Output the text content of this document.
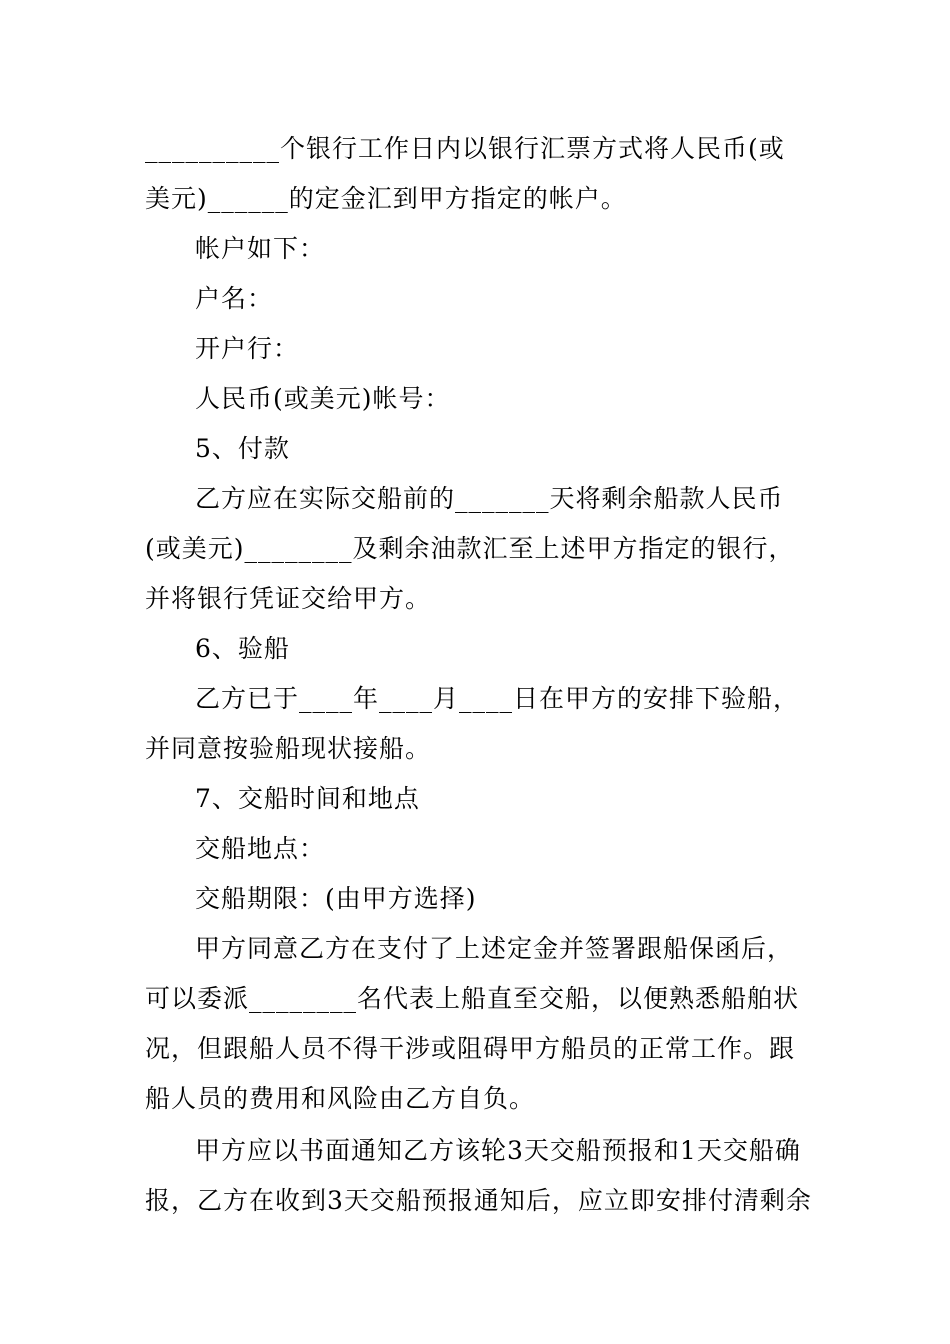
__________个银行工作日内以银行汇票方式将人民币(或
美元)______的定金汇到甲方指定的帐户。
帐户如下：
户名：
开户行：
人民币(或美元)帐号：
5、付款
乙方应在实际交船前的_______天将剩余船款人民币
(或美元)________及剩余油款汇至上述甲方指定的银行，
并将银行凭证交给甲方。
6、验船
乙方已于____年____月____日在甲方的安排下验船，
并同意按验船现状接船。
7、交船时间和地点
交船地点：
交船期限：(由甲方选择)
甲方同意乙方在支付了上述定金并签署跟船保函后，
可以委派________名代表上船直至交船，以便熟悉船舶状
况，但跟船人员不得干涉或阻碍甲方船员的正常工作。跟
船人员的费用和风险由乙方自负。
甲方应以书面通知乙方该轮3天交船预报和1天交船确
报，乙方在收到3天交船预报通知后，应立即安排付清剩余
